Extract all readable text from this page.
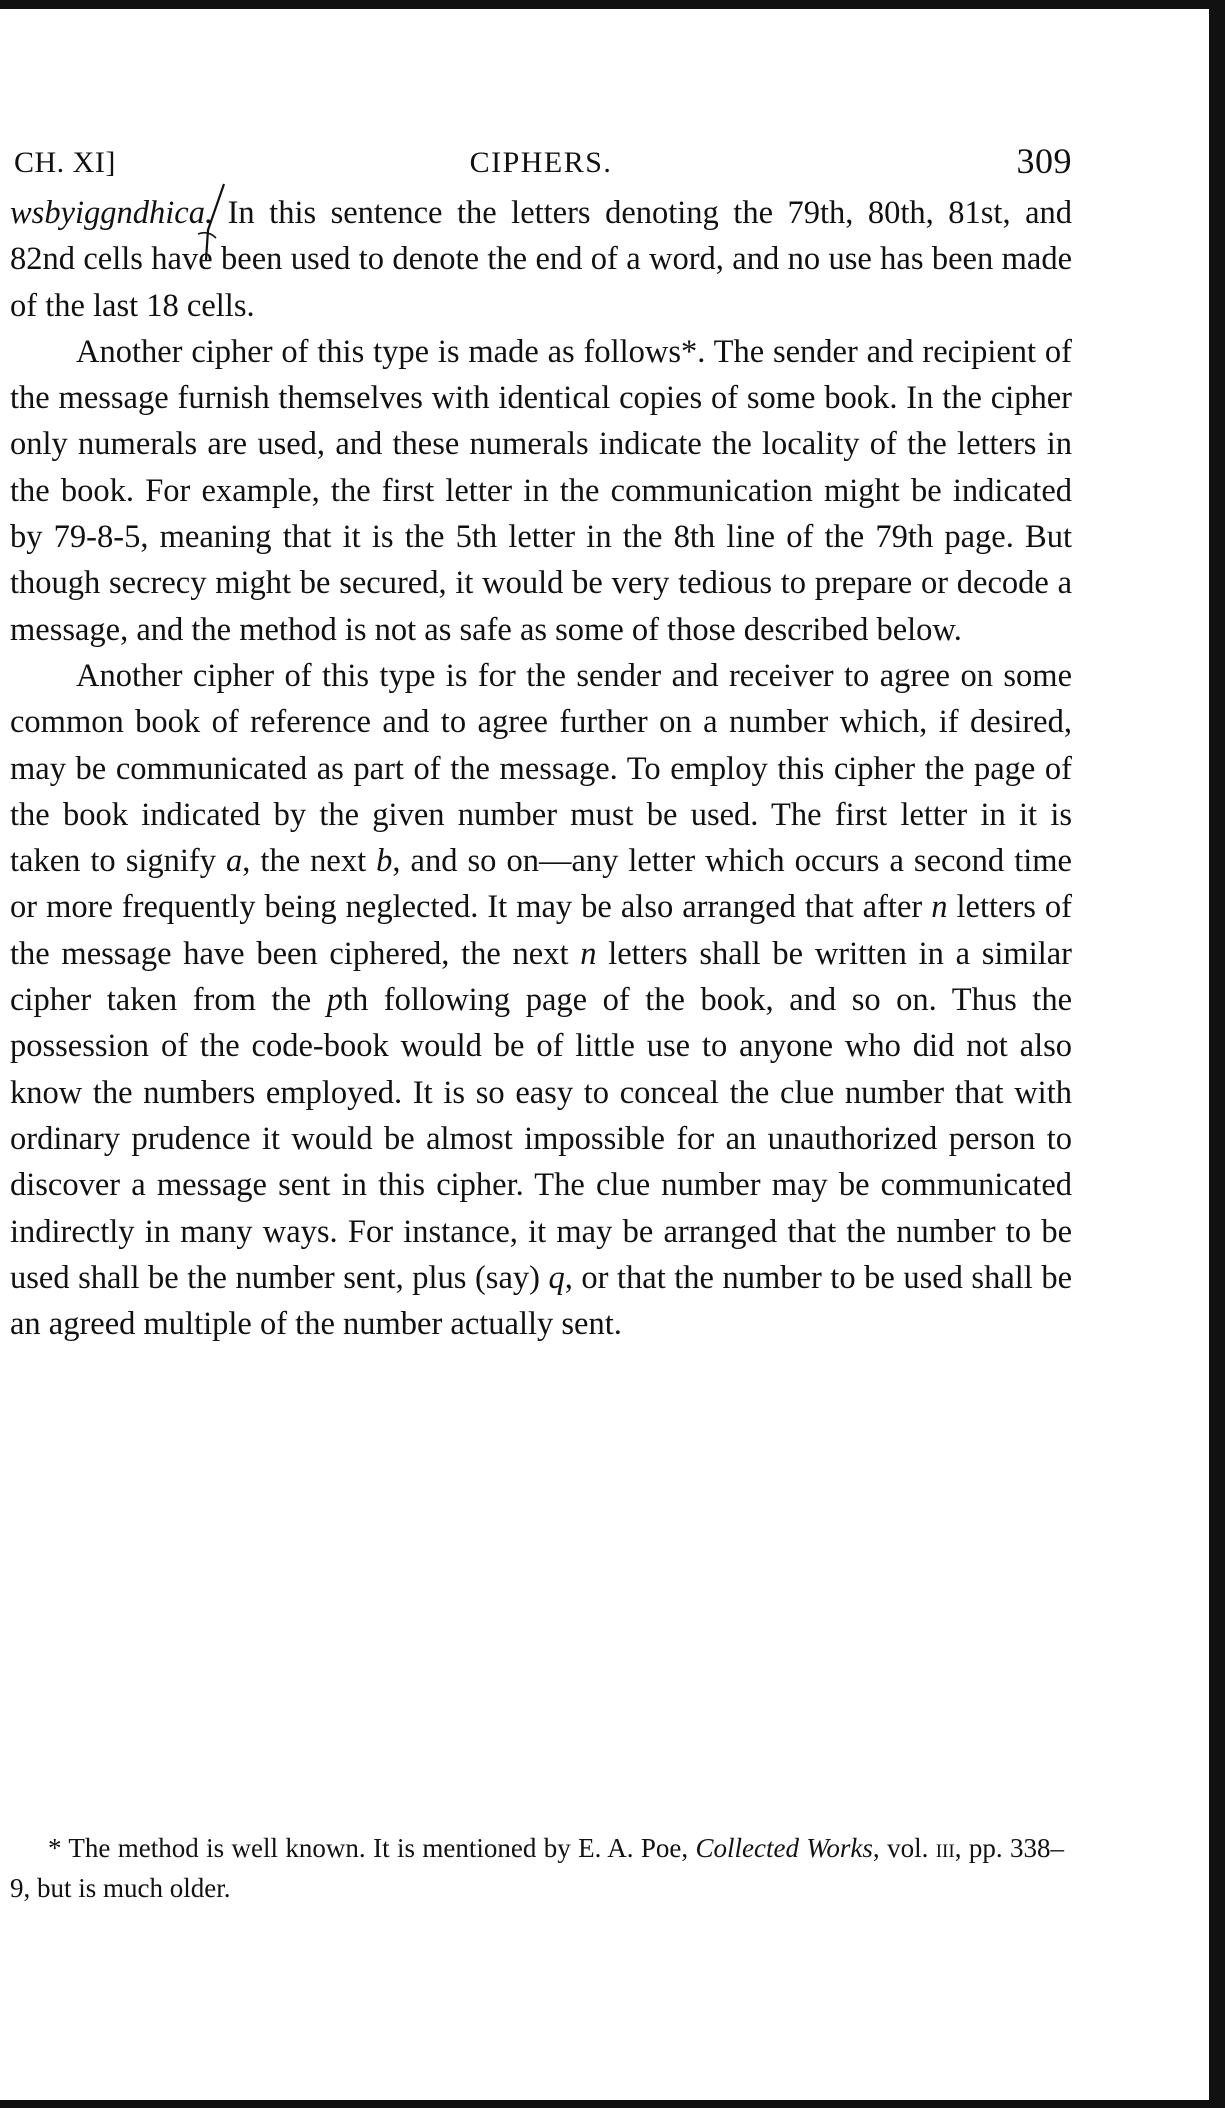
CH. XI]	CIPHERS.	309

wsbyiggndhica. In this sentence the letters denoting the 79th, 80th, 81st, and 82nd cells have been used to denote the end of a word, and no use has been made of the last 18 cells.

Another cipher of this type is made as follows*. The sender and recipient of the message furnish themselves with identical copies of some book. In the cipher only numerals are used, and these numerals indicate the locality of the letters in the book. For example, the first letter in the communication might be indicated by 79-8-5, meaning that it is the 5th letter in the 8th line of the 79th page. But though secrecy might be secured, it would be very tedious to prepare or decode a message, and the method is not as safe as some of those described below.

Another cipher of this type is for the sender and receiver to agree on some common book of reference and to agree further on a number which, if desired, may be communicated as part of the message. To employ this cipher the page of the book indicated by the given number must be used. The first letter in it is taken to signify a, the next b, and so on—any letter which occurs a second time or more frequently being neglected. It may be also arranged that after n letters of the message have been ciphered, the next n letters shall be written in a similar cipher taken from the pth following page of the book, and so on. Thus the possession of the code-book would be of little use to anyone who did not also know the numbers employed. It is so easy to conceal the clue number that with ordinary prudence it would be almost impossible for an unauthorized person to discover a message sent in this cipher. The clue number may be communicated indirectly in many ways. For instance, it may be arranged that the number to be used shall be the number sent, plus (say) q, or that the number to be used shall be an agreed multiple of the number actually sent.

* The method is well known. It is mentioned by E. A. Poe, Collected Works, vol. iii, pp. 338–9, but is much older.
